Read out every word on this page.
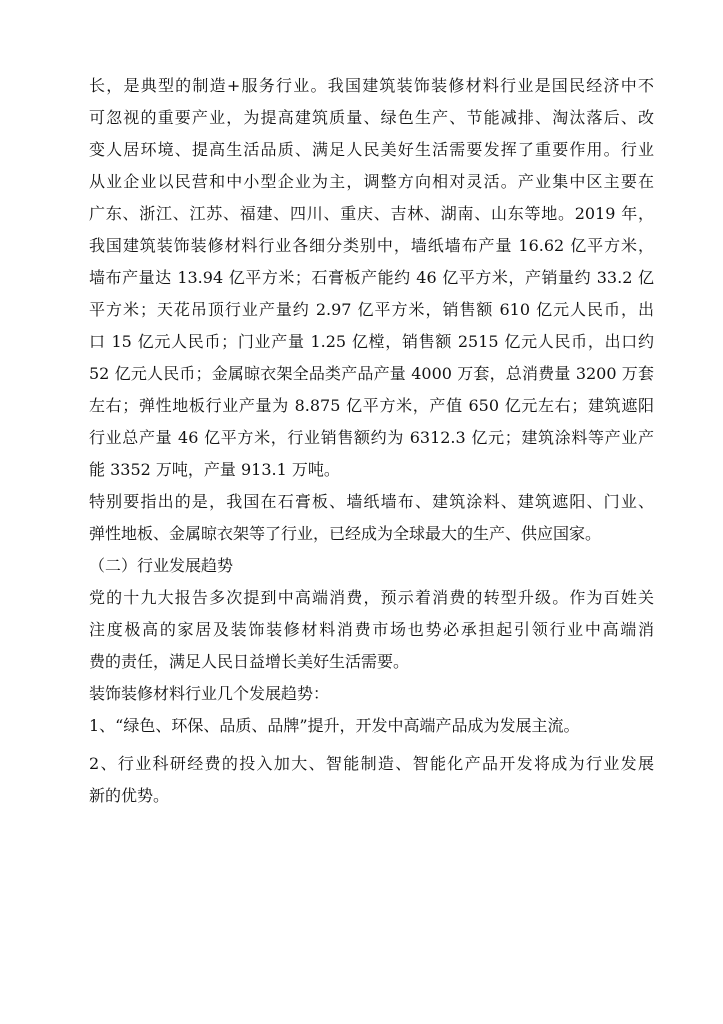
长，是典型的制造+服务行业。我国建筑装饰装修材料行业是国民经济中不
可忽视的重要产业，为提高建筑质量、绿色生产、节能减排、淘汰落后、改
变人居环境、提高生活品质、满足人民美好生活需要发挥了重要作用。行业
从业企业以民营和中小型企业为主，调整方向相对灵活。产业集中区主要在
广东、浙江、江苏、福建、四川、重庆、吉林、湖南、山东等地。2019 年，
我国建筑装饰装修材料行业各细分类别中，墙纸墙布产量 16.62 亿平方米，
墙布产量达 13.94 亿平方米；石膏板产能约 46 亿平方米，产销量约 33.2 亿
平方米；天花吊顶行业产量约 2.97 亿平方米，销售额 610 亿元人民币，出
口 15 亿元人民币；门业产量 1.25 亿樘，销售额 2515 亿元人民币，出口约
52 亿元人民币；金属晾衣架全品类产品产量 4000 万套，总消费量 3200 万套
左右；弹性地板行业产量为 8.875 亿平方米，产值 650 亿元左右；建筑遮阳
行业总产量 46 亿平方米，行业销售额约为 6312.3 亿元；建筑涂料等产业产
能 3352 万吨，产量 913.1 万吨。
特别要指出的是，我国在石膏板、墙纸墙布、建筑涂料、建筑遮阳、门业、
弹性地板、金属晾衣架等了行业，已经成为全球最大的生产、供应国家。
（二）行业发展趋势
党的十九大报告多次提到中高端消费，预示着消费的转型升级。作为百姓关
注度极高的家居及装饰装修材料消费市场也势必承担起引领行业中高端消
费的责任，满足人民日益增长美好生活需要。
装饰装修材料行业几个发展趋势：
1、“绿色、环保、品质、品牌”提升，开发中高端产品成为发展主流。
2、行业科研经费的投入加大、智能制造、智能化产品开发将成为行业发展
新的优势。
